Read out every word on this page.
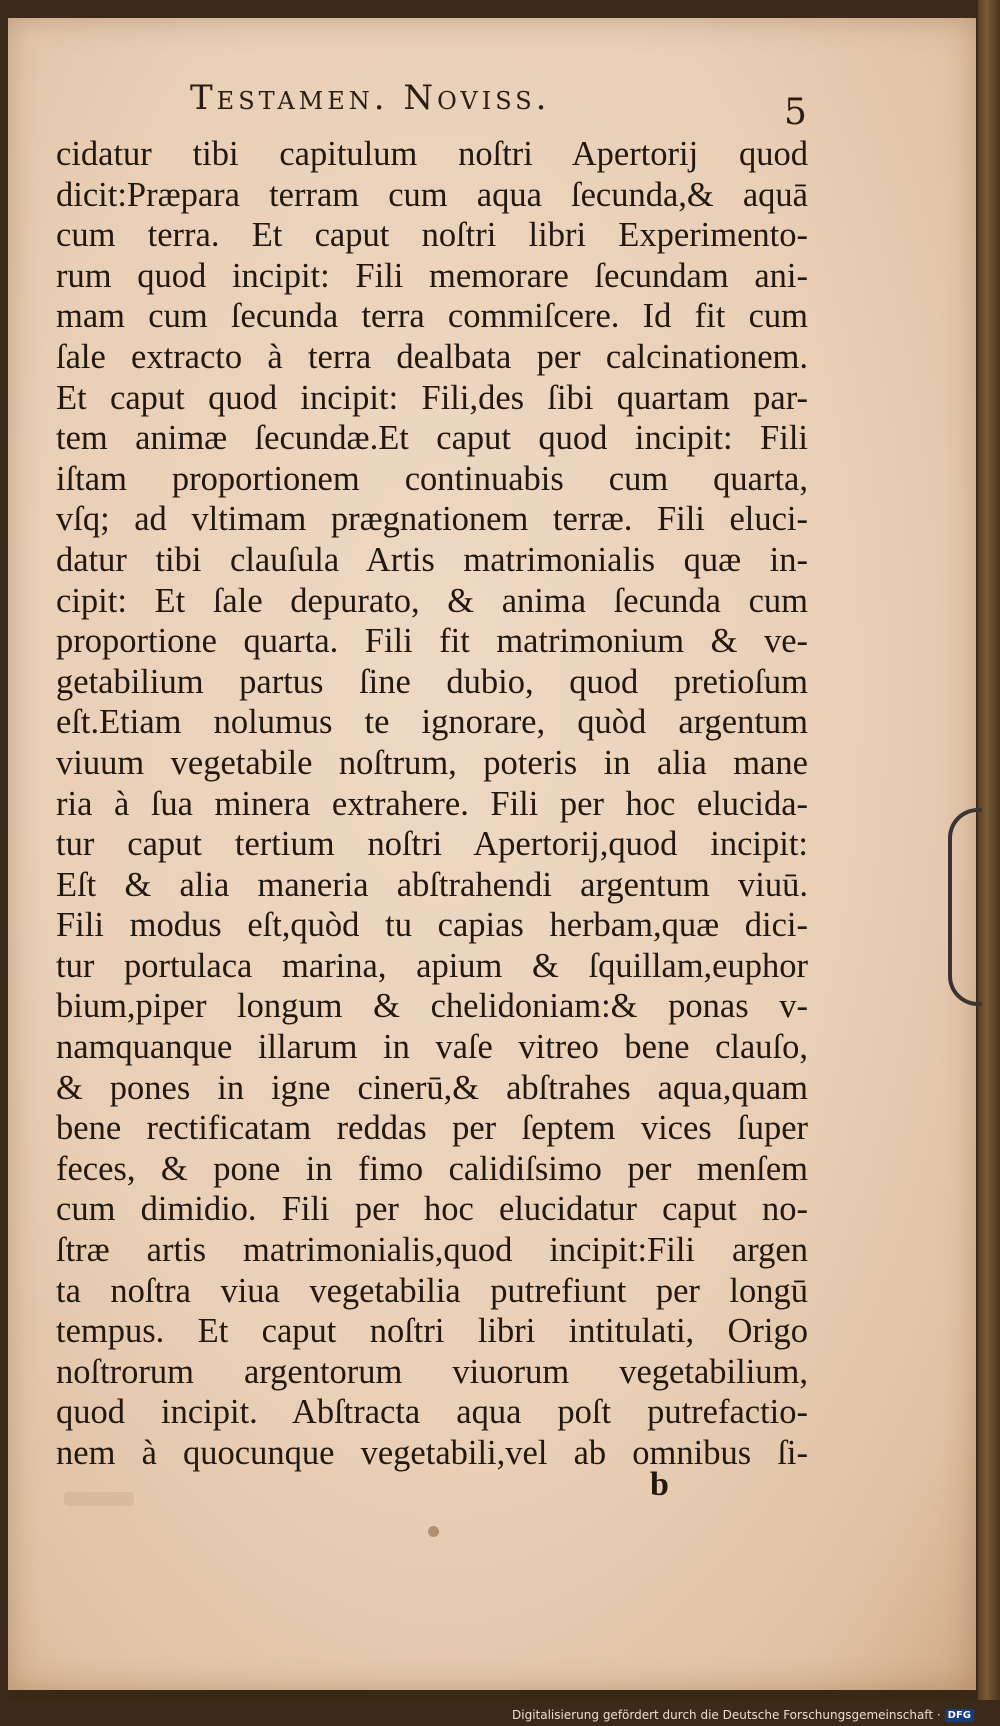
Testamen. Noviss.	5
cidatur tibi capitulum noſtri Apertorij quod
dicit:Præpara terram cum aqua ſecunda,& aquā
cum terra. Et caput noſtri libri Experimento-
rum quod incipit: Fili memorare ſecundam ani-
mam cum ſecunda terra commiſcere. Id fit cum
ſale extracto à terra dealbata per calcinationem.
Et caput quod incipit: Fili,des ſibi quartam par-
tem animæ ſecundæ.Et caput quod incipit: Fili
iſtam proportionem continuabis cum quarta,
vſq; ad vltimam prægnationem terræ. Fili eluci-
datur tibi clauſula Artis matrimonialis quæ in-
cipit: Et ſale depurato, & anima ſecunda cum
proportione quarta. Fili fit matrimonium & ve-
getabilium partus ſine dubio, quod pretioſum
eſt.Etiam nolumus te ignorare, quòd argentum
viuum vegetabile noſtrum, poteris in alia mane
ria à ſua minera extrahere. Fili per hoc elucida-
tur caput tertium noſtri Apertorij,quod incipit:
Eſt & alia maneria abſtrahendi argentum viuū.
Fili modus eſt,quòd tu capias herbam,quæ dici-
tur portulaca marina, apium & ſquillam,euphor
bium,piper longum & chelidoniam:& ponas v-
namquanque illarum in vaſe vitreo bene clauſo,
& pones in igne cinerū,& abſtrahes aqua,quam
bene rectificatam reddas per ſeptem vices ſuper
feces, & pone in fimo calidiſsimo per menſem
cum dimidio. Fili per hoc elucidatur caput no-
ſtræ artis matrimonialis,quod incipit:Fili argen
ta noſtra viua vegetabilia putrefiunt per longū
tempus. Et caput noſtri libri intitulati, Origo
noſtrorum argentorum viuorum vegetabilium,
quod incipit. Abſtracta aqua poſt putrefactio-
nem à quocunque vegetabili,vel ab omnibus ſi-
b
Digitalisierung gefördert durch die Deutsche Forschungsgemeinschaft · DFG
